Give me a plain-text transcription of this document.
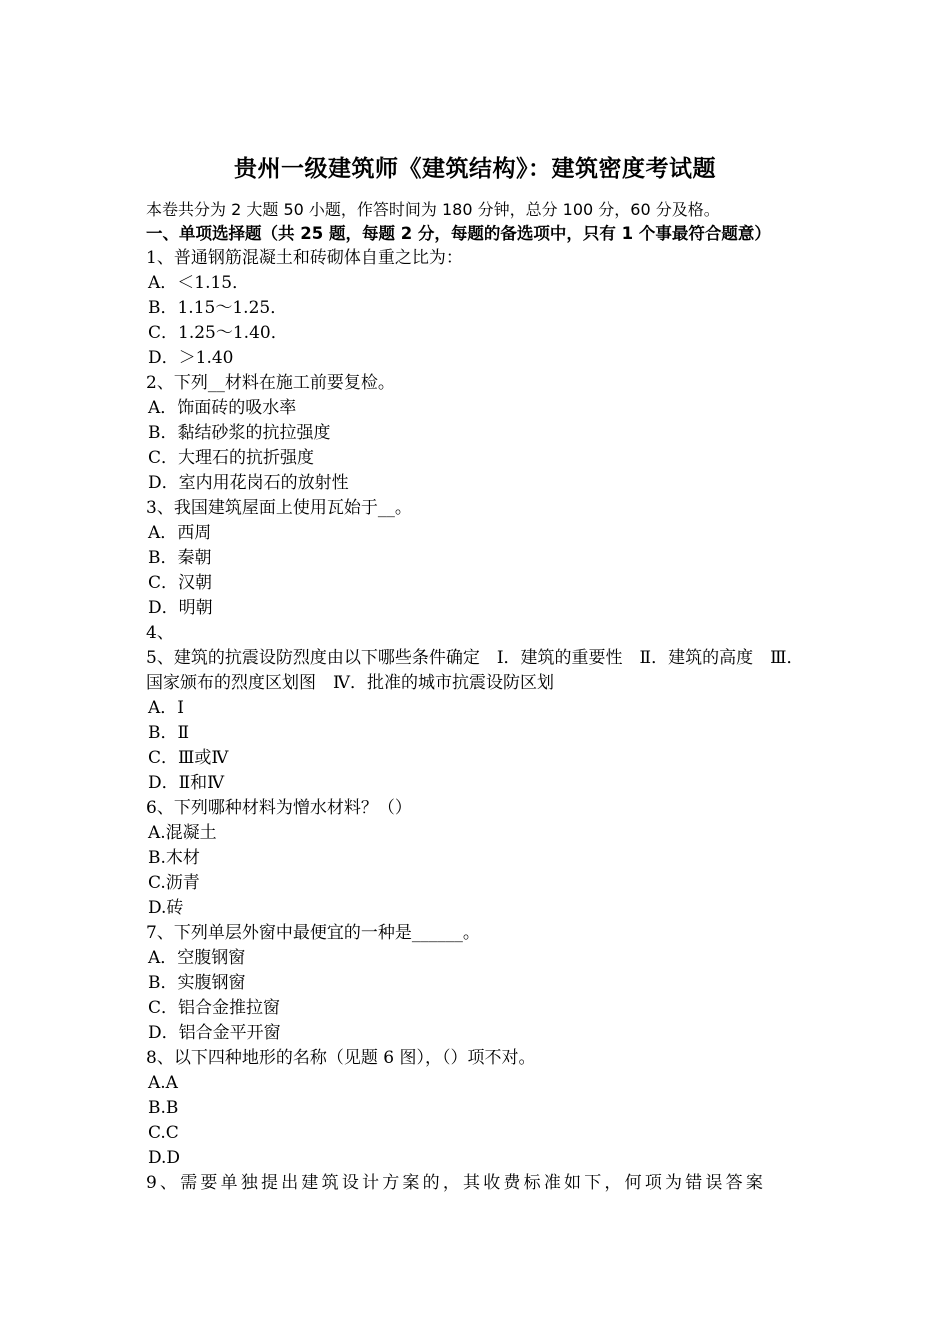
贵州一级建筑师《建筑结构》：建筑密度考试题
本卷共分为 2 大题 50 小题，作答时间为 180 分钟，总分 100 分，60 分及格。
一、单项选择题（共 25 题，每题 2 分，每题的备选项中，只有 1 个事最符合题意）
1、普通钢筋混凝土和砖砌体自重之比为：
A．＜1.15．
B．1.15～1.25．
C．1.25～1.40．
D．＞1.40
2、下列__材料在施工前要复检。
A．饰面砖的吸水率
B．黏结砂浆的抗拉强度
C．大理石的抗折强度
D．室内用花岗石的放射性
3、我国建筑屋面上使用瓦始于__。
A．西周
B．秦朝
C．汉朝
D．明朝
4、
5、建筑的抗震设防烈度由以下哪些条件确定　Ⅰ．建筑的重要性　Ⅱ．建筑的高度　Ⅲ．国家颁布的烈度区划图　Ⅳ．批准的城市抗震设防区划
A．Ⅰ
B．Ⅱ
C．Ⅲ或Ⅳ
D．Ⅱ和Ⅳ
6、下列哪种材料为憎水材料？（）
A.混凝土
B.木材
C.沥青
D.砖
7、下列单层外窗中最便宜的一种是______。
A．空腹钢窗
B．实腹钢窗
C．铝合金推拉窗
D．铝合金平开窗
8、以下四种地形的名称（见题 6 图），（）项不对。
A.A
B.B
C.C
D.D
9、需要单独提出建筑设计方案的，其收费标准如下，何项为错误答案
